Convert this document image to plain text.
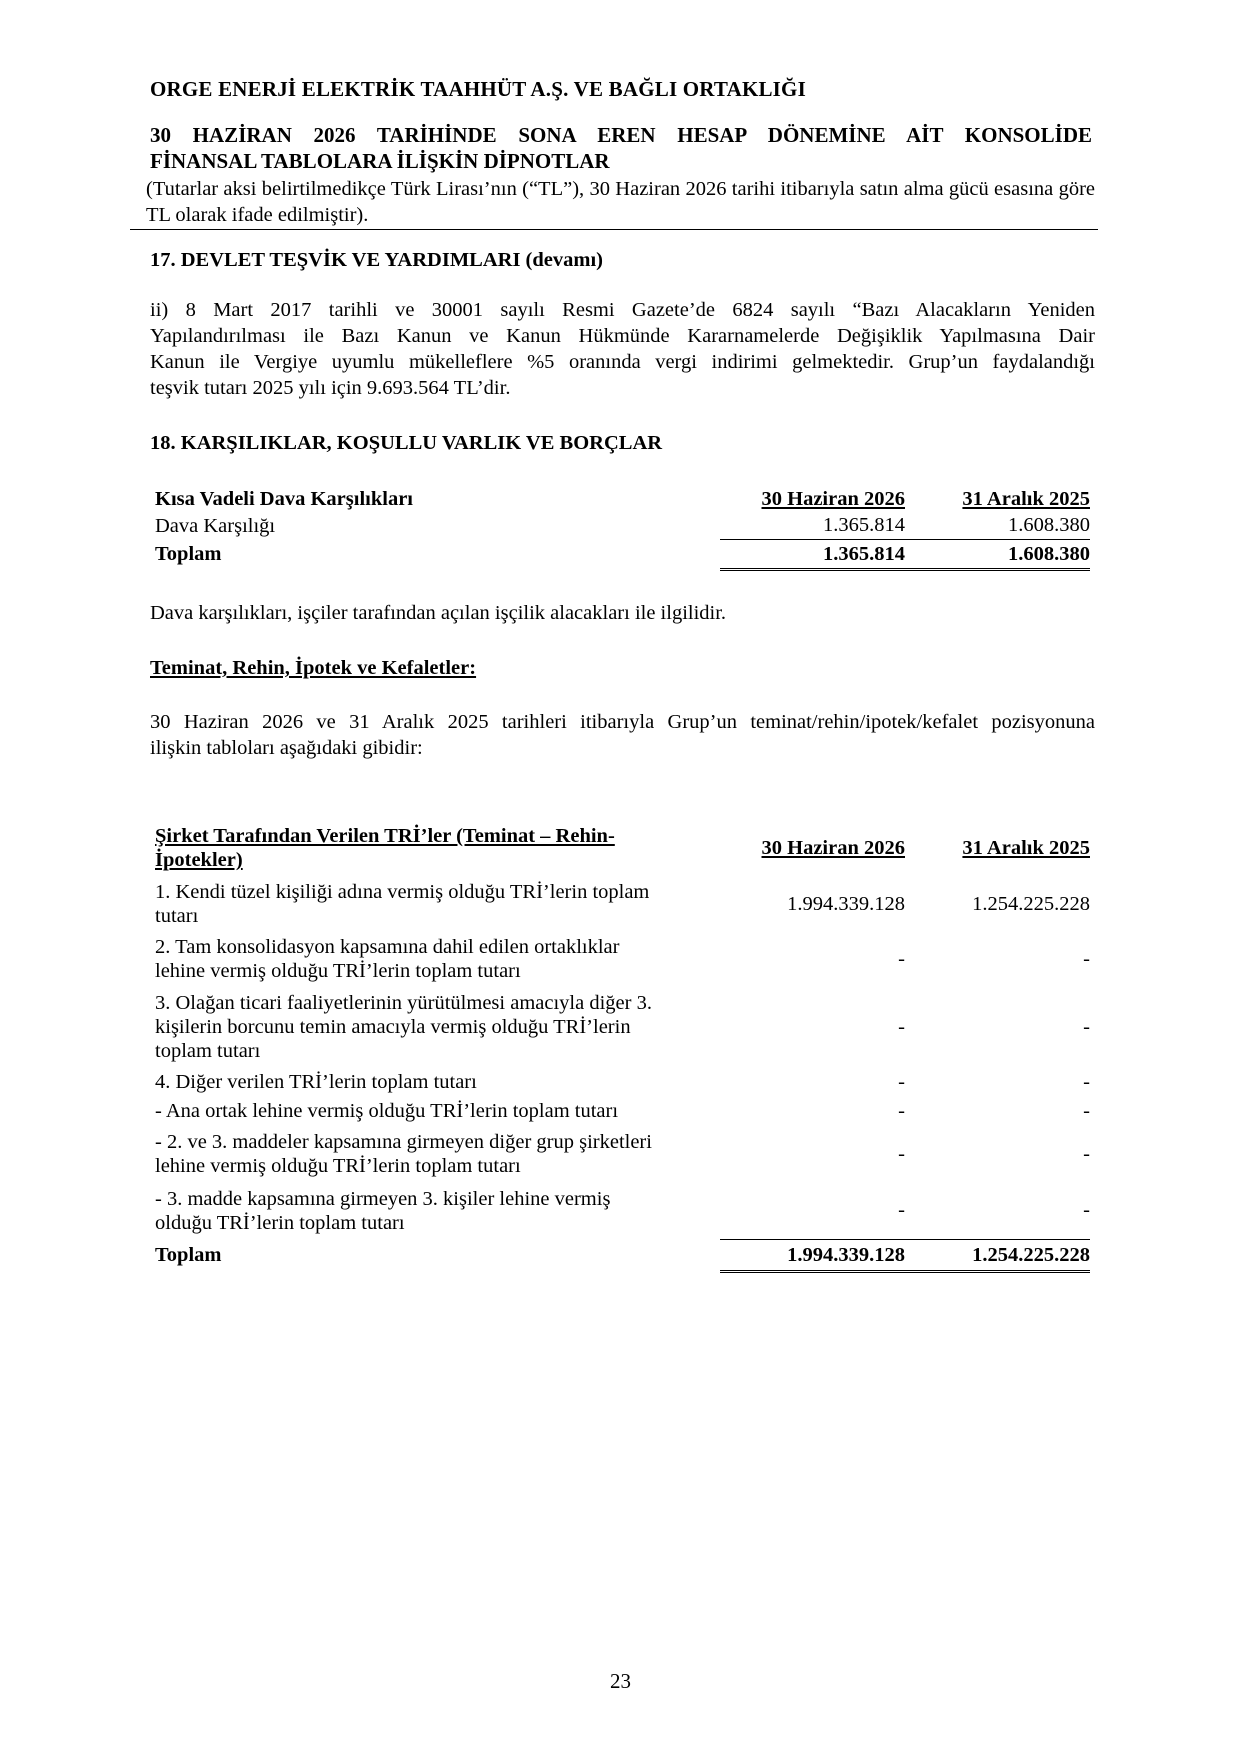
ORGE ENERJİ ELEKTRİK TAAHHÜT A.Ş. VE BAĞLI ORTAKLIĞI
30 HAZİRAN 2026 TARİHİNDE SONA EREN HESAP DÖNEMİNE AİT KONSOLİDE
FİNANSAL TABLOLARA İLİŞKİN DİPNOTLAR
(Tutarlar aksi belirtilmedikçe Türk Lirası’nın (“TL”), 30 Haziran 2026 tarihi itibarıyla satın alma gücü esasına göre TL olarak ifade edilmiştir).
17. DEVLET TEŞVİK VE YARDIMLARI (devamı)
ii) 8 Mart 2017 tarihli ve 30001 sayılı Resmi Gazete’de 6824 sayılı “Bazı Alacakların Yeniden
Yapılandırılması ile Bazı Kanun ve Kanun Hükmünde Kararnamelerde Değişiklik Yapılmasına Dair
Kanun ile Vergiye uyumlu mükelleflere %5 oranında vergi indirimi gelmektedir. Grup’un faydalandığı
teşvik tutarı 2025 yılı için 9.693.564 TL’dir.
18. KARŞILIKLAR, KOŞULLU VARLIK VE BORÇLAR
Kısa Vadeli Dava Karşılıkları	30 Haziran 2026	31 Aralık 2025
Dava Karşılığı	1.365.814	1.608.380
Toplam	1.365.814	1.608.380
Dava karşılıkları, işçiler tarafından açılan işçilik alacakları ile ilgilidir.
Teminat, Rehin, İpotek ve Kefaletler:
30 Haziran 2026 ve 31 Aralık 2025 tarihleri itibarıyla Grup’un teminat/rehin/ipotek/kefalet pozisyonuna
ilişkin tabloları aşağıdaki gibidir:
Şirket Tarafından Verilen TRİ’ler (Teminat – Rehin-
İpotekler)	30 Haziran 2026	31 Aralık 2025
1. Kendi tüzel kişiliği adına vermiş olduğu TRİ’lerin toplam
tutarı	1.994.339.128	1.254.225.228
2. Tam konsolidasyon kapsamına dahil edilen ortaklıklar
lehine vermiş olduğu TRİ’lerin toplam tutarı	-	-
3. Olağan ticari faaliyetlerinin yürütülmesi amacıyla diğer 3.
kişilerin borcunu temin amacıyla vermiş olduğu TRİ’lerin
toplam tutarı	-	-
4. Diğer verilen TRİ’lerin toplam tutarı	-	-
- Ana ortak lehine vermiş olduğu TRİ’lerin toplam tutarı	-	-
- 2. ve 3. maddeler kapsamına girmeyen diğer grup şirketleri
lehine vermiş olduğu TRİ’lerin toplam tutarı	-	-
- 3. madde kapsamına girmeyen 3. kişiler lehine vermiş
olduğu TRİ’lerin toplam tutarı	-	-
Toplam	1.994.339.128	1.254.225.228
23
